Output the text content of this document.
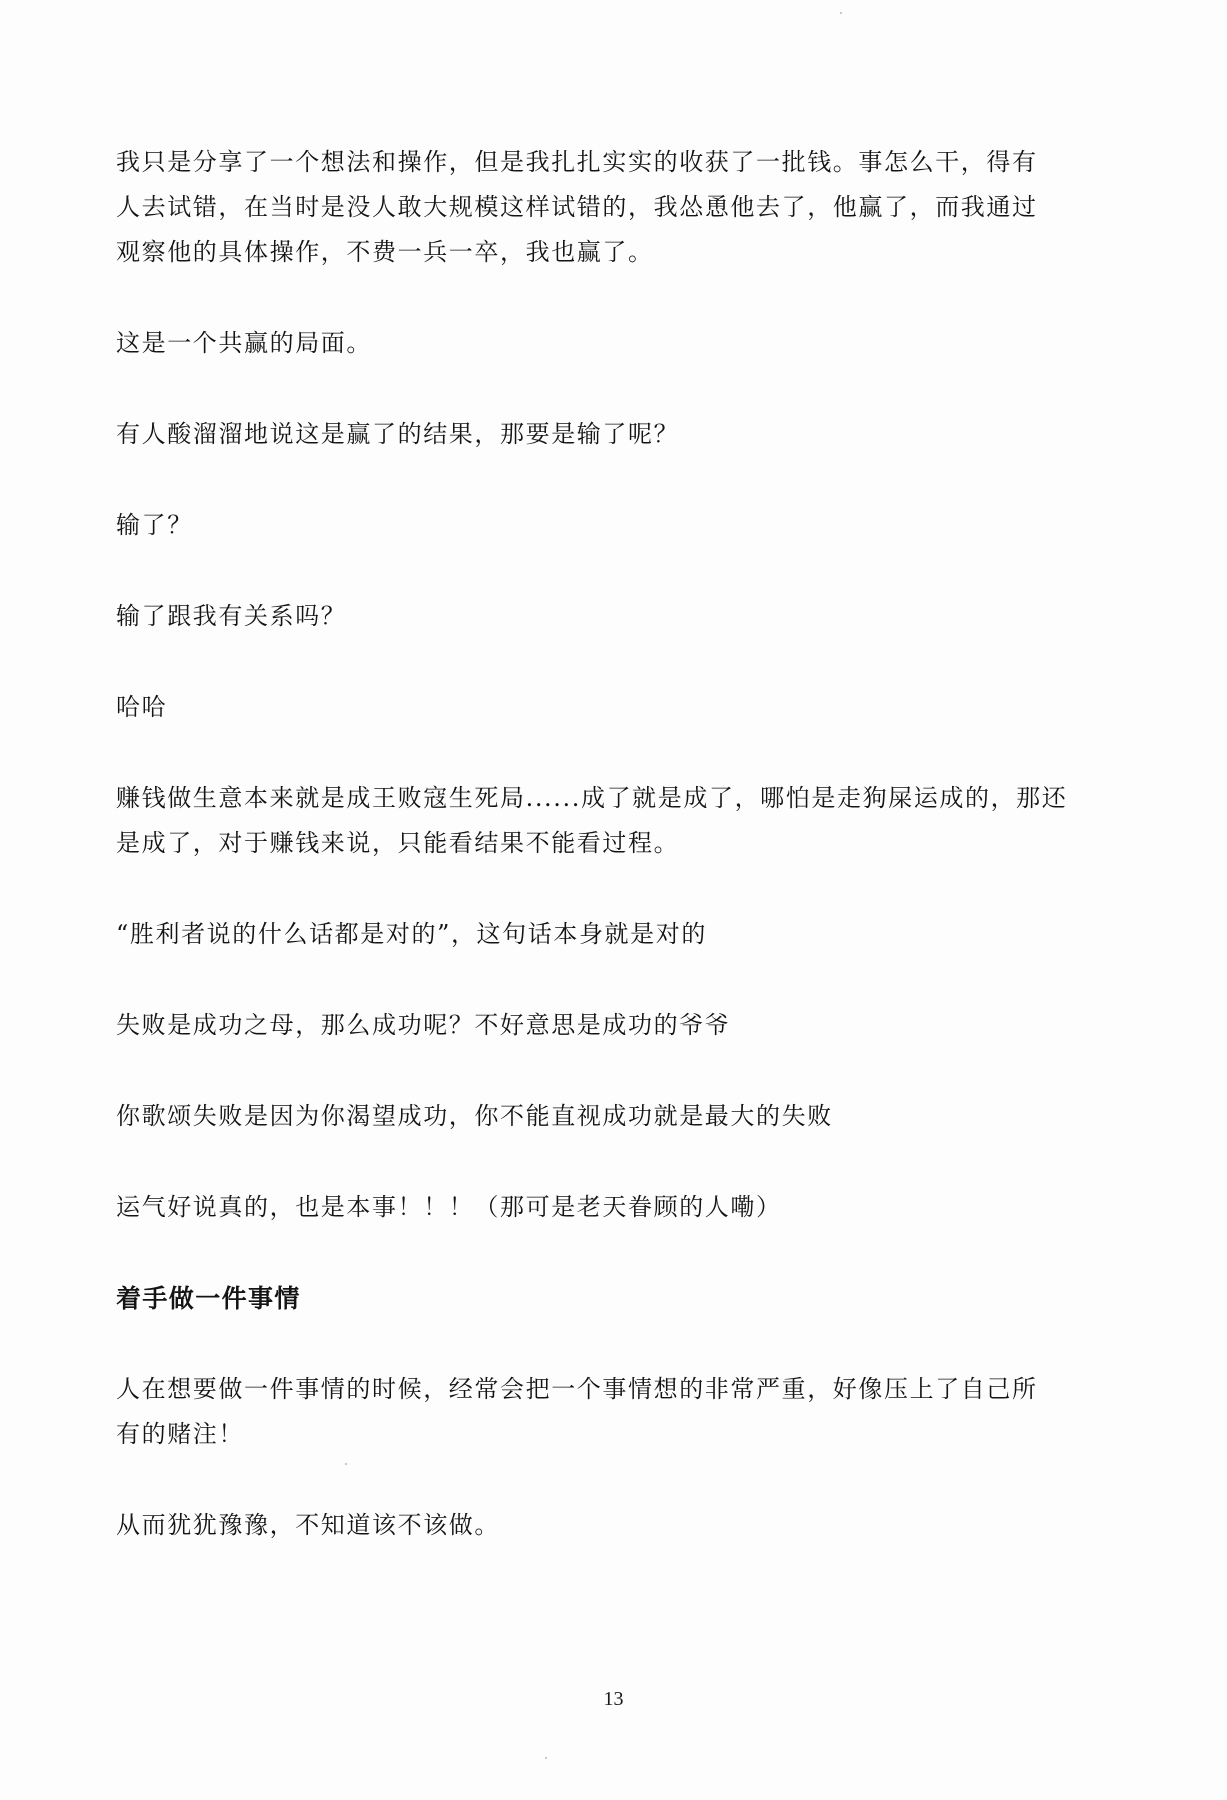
我只是分享了一个想法和操作，但是我扎扎实实的收获了一批钱。事怎么干，得有
人去试错，在当时是没人敢大规模这样试错的，我怂恿他去了，他赢了，而我通过
观察他的具体操作，不费一兵一卒，我也赢了。

这是一个共赢的局面。

有人酸溜溜地说这是赢了的结果，那要是输了呢？

输了？

输了跟我有关系吗？

哈哈

赚钱做生意本来就是成王败寇生死局......成了就是成了，哪怕是走狗屎运成的，那还
是成了，对于赚钱来说，只能看结果不能看过程。

“胜利者说的什么话都是对的”，这句话本身就是对的

失败是成功之母，那么成功呢？不好意思是成功的爷爷

你歌颂失败是因为你渴望成功，你不能直视成功就是最大的失败

运气好说真的，也是本事！！！（那可是老天眷顾的人嘞）

着手做一件事情

人在想要做一件事情的时候，经常会把一个事情想的非常严重，好像压上了自己所
有的赌注！

从而犹犹豫豫，不知道该不该做。

13
